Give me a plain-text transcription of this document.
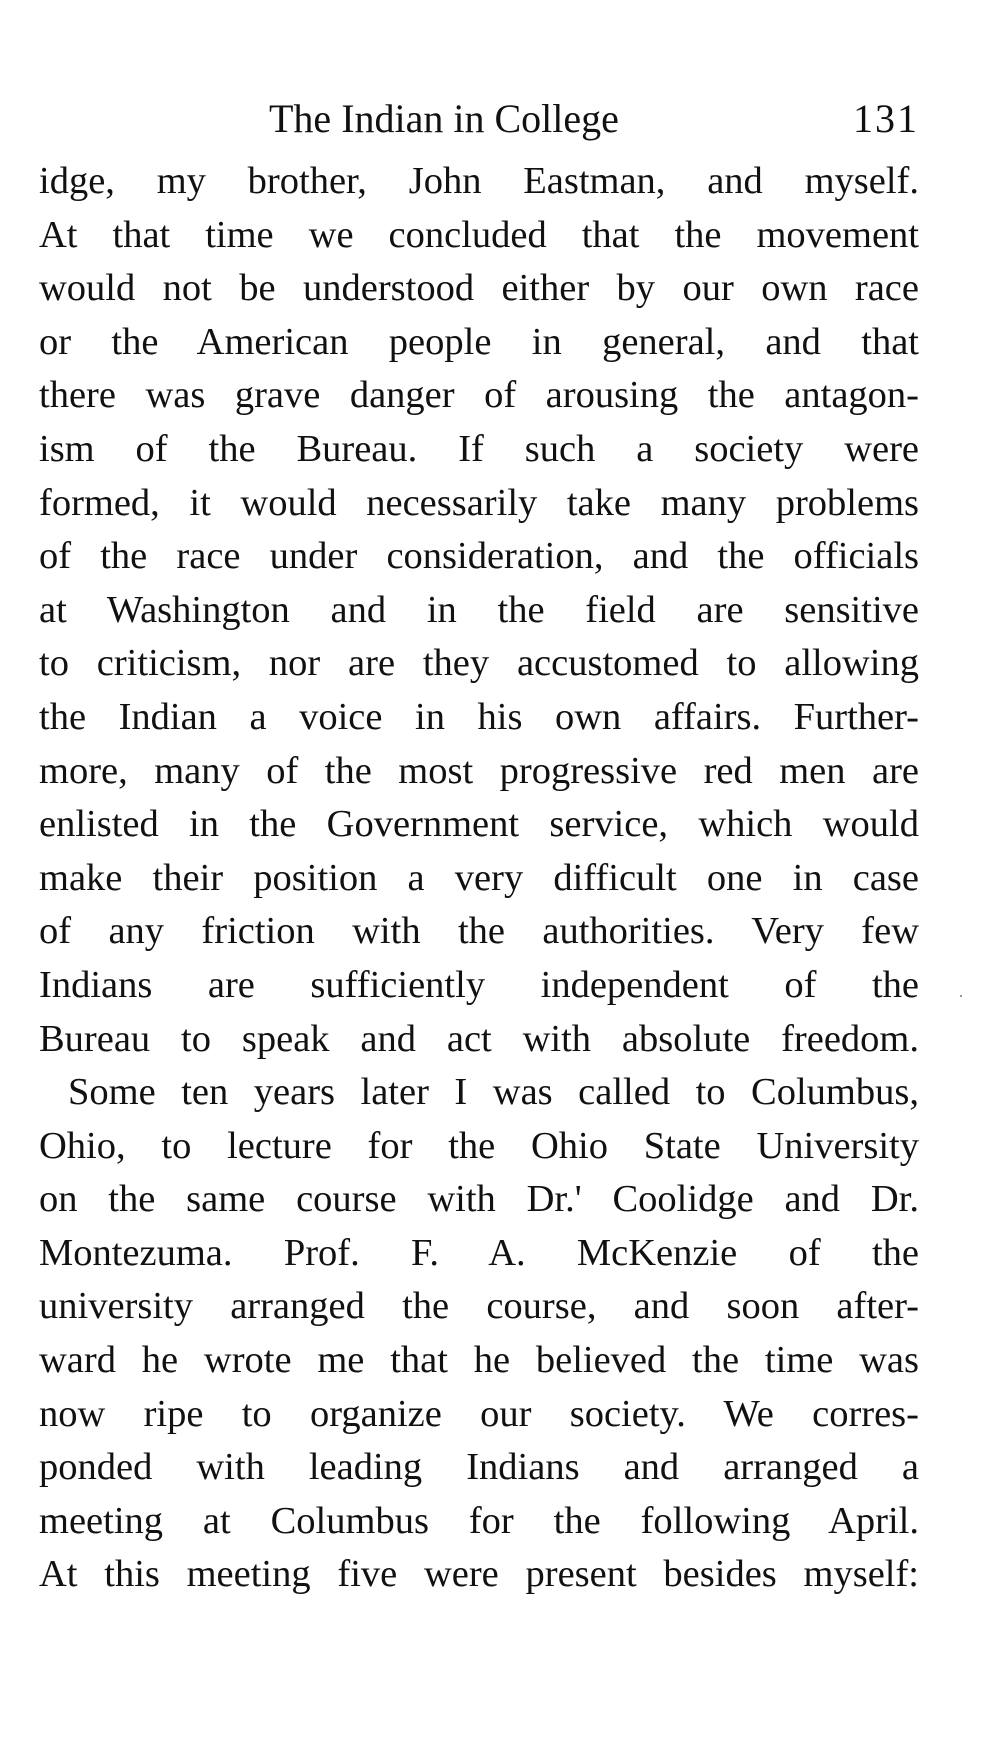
The Indian in College	131
idge, my brother, John Eastman, and myself.
At that time we concluded that the movement
would not be understood either by our own race
or the American people in general, and that
there was grave danger of arousing the antagon-
ism of the Bureau. If such a society were
formed, it would necessarily take many problems
of the race under consideration, and the officials
at Washington and in the field are sensitive
to criticism, nor are they accustomed to allowing
the Indian a voice in his own affairs. Further-
more, many of the most progressive red men are
enlisted in the Government service, which would
make their position a very difficult one in case
of any friction with the authorities. Very few
Indians are sufficiently independent of the
Bureau to speak and act with absolute freedom.
Some ten years later I was called to Columbus,
Ohio, to lecture for the Ohio State University
on the same course with Dr.' Coolidge and Dr.
Montezuma. Prof. F. A. McKenzie of the
university arranged the course, and soon after-
ward he wrote me that he believed the time was
now ripe to organize our society. We corres-
ponded with leading Indians and arranged a
meeting at Columbus for the following April.
At this meeting five were present besides myself:
